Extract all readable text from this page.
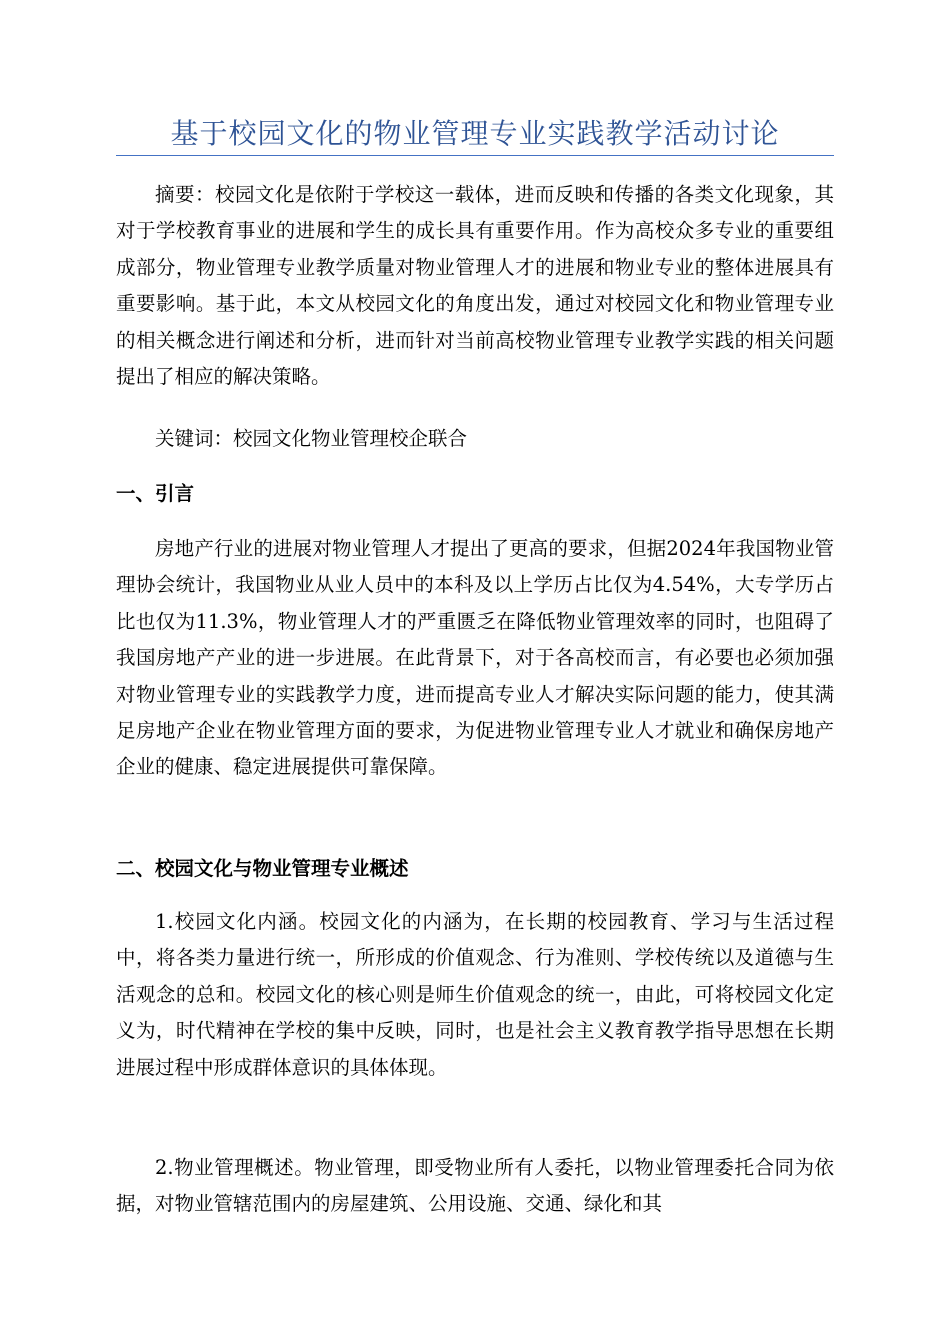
基于校园文化的物业管理专业实践教学活动讨论

摘要：校园文化是依附于学校这一载体，进而反映和传播的各类文化现象，其对于学校教育事业的进展和学生的成长具有重要作用。作为高校众多专业的重要组成部分，物业管理专业教学质量对物业管理人才的进展和物业专业的整体进展具有重要影响。基于此，本文从校园文化的角度出发，通过对校园文化和物业管理专业的相关概念进行阐述和分析，进而针对当前高校物业管理专业教学实践的相关问题提出了相应的解决策略。

关键词：校园文化物业管理校企联合

一、引言

房地产行业的进展对物业管理人才提出了更高的要求，但据2024年我国物业管理协会统计，我国物业从业人员中的本科及以上学历占比仅为4.54%，大专学历占比也仅为11.3%，物业管理人才的严重匮乏在降低物业管理效率的同时，也阻碍了我国房地产产业的进一步进展。在此背景下，对于各高校而言，有必要也必须加强对物业管理专业的实践教学力度，进而提高专业人才解决实际问题的能力，使其满足房地产企业在物业管理方面的要求，为促进物业管理专业人才就业和确保房地产企业的健康、稳定进展提供可靠保障。

二、校园文化与物业管理专业概述

1.校园文化内涵。校园文化的内涵为，在长期的校园教育、学习与生活过程中，将各类力量进行统一，所形成的价值观念、行为准则、学校传统以及道德与生活观念的总和。校园文化的核心则是师生价值观念的统一，由此，可将校园文化定义为，时代精神在学校的集中反映，同时，也是社会主义教育教学指导思想在长期进展过程中形成群体意识的具体体现。

2.物业管理概述。物业管理，即受物业所有人委托，以物业管理委托合同为依据，对物业管辖范围内的房屋建筑、公用设施、交通、绿化和其
